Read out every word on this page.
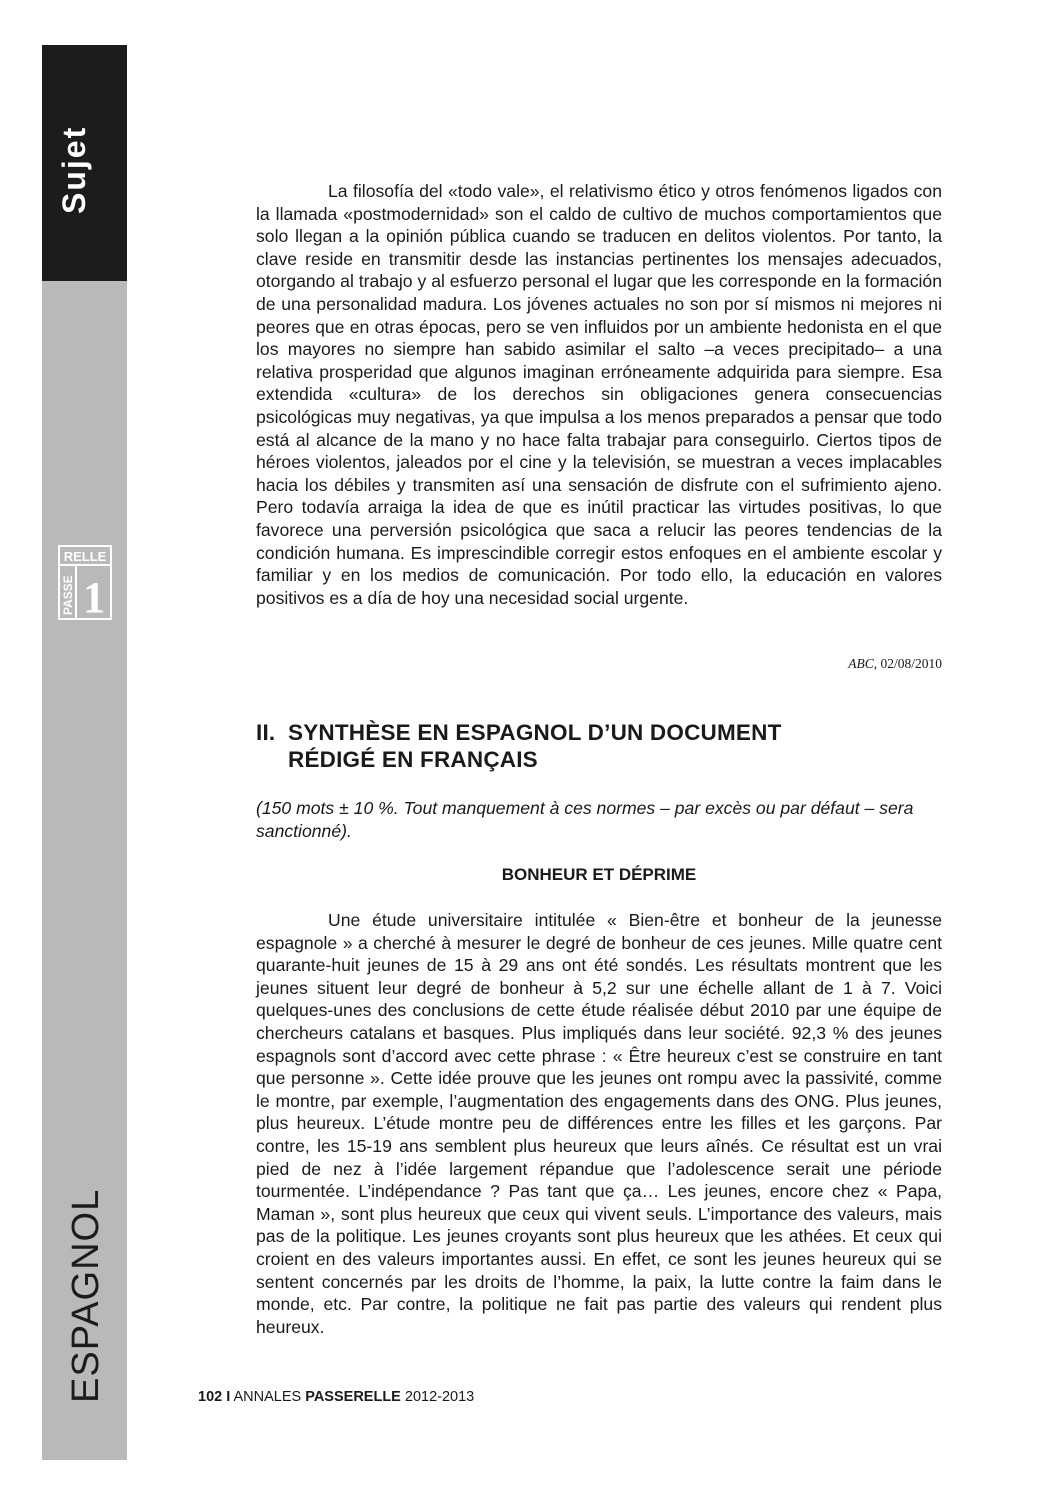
Sujet
ESPAGNOL
RELLE
PASSE 1

La filosofía del «todo vale», el relativismo ético y otros fenómenos ligados con la llamada «postmodernidad» son el caldo de cultivo de muchos comportamientos que solo llegan a la opinión pública cuando se traducen en delitos violentos. Por tanto, la clave reside en transmitir desde las instancias pertinentes los mensajes adecuados, otorgando al trabajo y al esfuerzo personal el lugar que les corresponde en la formación de una personalidad madura. Los jóvenes actuales no son por sí mismos ni mejores ni peores que en otras épocas, pero se ven influidos por un ambiente hedonista en el que los mayores no siempre han sabido asimilar el salto –a veces precipitado– a una relativa prosperidad que algunos imaginan erróneamente adquirida para siempre. Esa extendida «cultura» de los derechos sin obligaciones genera consecuencias psicológicas muy negativas, ya que impulsa a los menos preparados a pensar que todo está al alcance de la mano y no hace falta trabajar para conseguirlo. Ciertos tipos de héroes violentos, jaleados por el cine y la televisión, se muestran a veces implacables hacia los débiles y transmiten así una sensación de disfrute con el sufrimiento ajeno. Pero todavía arraiga la idea de que es inútil practicar las virtudes positivas, lo que favorece una perversión psicológica que saca a relucir las peores tendencias de la condición humana. Es imprescindible corregir estos enfoques en el ambiente escolar y familiar y en los medios de comunicación. Por todo ello, la educación en valores positivos es a día de hoy una necesidad social urgente.

ABC, 02/08/2010
II. SYNTHÈSE EN ESPAGNOL D’UN DOCUMENT
RÉDIGÉ EN FRANÇAIS

(150 mots ± 10 %. Tout manquement à ces normes – par excès ou par défaut – sera sanctionné).

BONHEUR ET DÉPRIME

Une étude universitaire intitulée « Bien-être et bonheur de la jeunesse espagnole » a cherché à mesurer le degré de bonheur de ces jeunes. Mille quatre cent quarante-huit jeunes de 15 à 29 ans ont été sondés. Les résultats montrent que les jeunes situent leur degré de bonheur à 5,2 sur une échelle allant de 1 à 7. Voici quelques-unes des conclusions de cette étude réalisée début 2010 par une équipe de chercheurs catalans et basques. Plus impliqués dans leur société. 92,3 % des jeunes espagnols sont d’accord avec cette phrase : « Être heureux c’est se construire en tant que personne ». Cette idée prouve que les jeunes ont rompu avec la passivité, comme le montre, par exemple, l’augmentation des engagements dans des ONG. Plus jeunes, plus heureux. L’étude montre peu de différences entre les filles et les garçons. Par contre, les 15-19 ans semblent plus heureux que leurs aînés. Ce résultat est un vrai pied de nez à l’idée largement répandue que l’adolescence serait une période tourmentée. L’indépendance ? Pas tant que ça… Les jeunes, encore chez « Papa, Maman », sont plus heureux que ceux qui vivent seuls. L’importance des valeurs, mais pas de la politique. Les jeunes croyants sont plus heureux que les athées. Et ceux qui croient en des valeurs importantes aussi. En effet, ce sont les jeunes heureux qui se sentent concernés par les droits de l’homme, la paix, la lutte contre la faim dans le monde, etc. Par contre, la politique ne fait pas partie des valeurs qui rendent plus heureux.

102 I ANNALES PASSERELLE 2012-2013
